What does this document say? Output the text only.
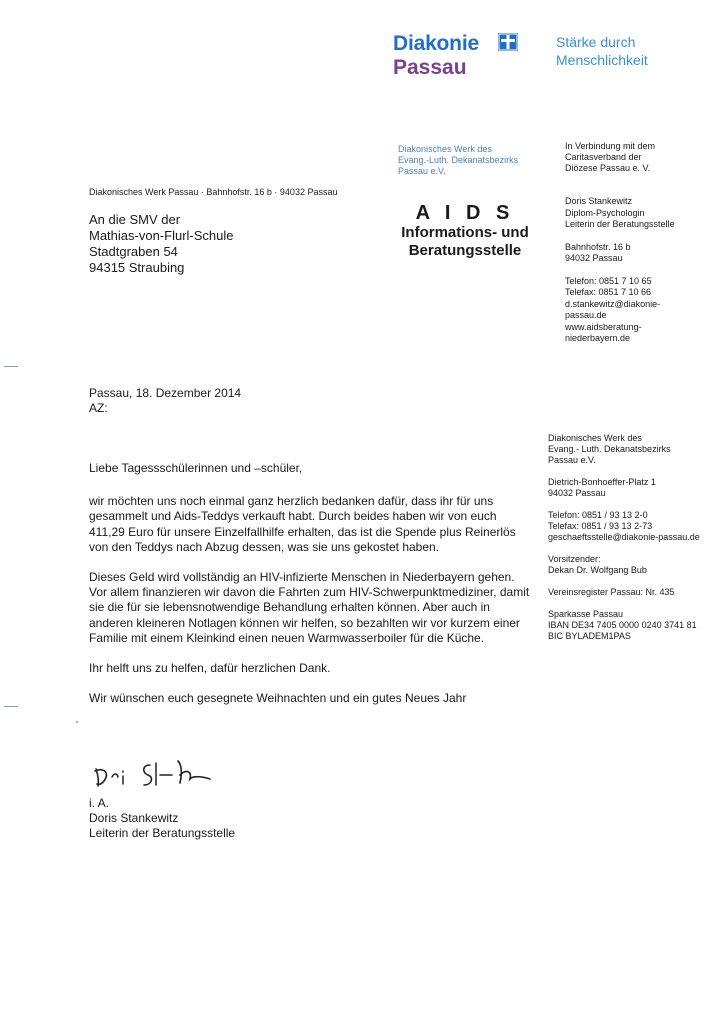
Diakonie
Passau
Stärke durch
Menschlichkeit
Diakonisches Werk des
Evang.-Luth. Dekanatsbezirks
Passau e.V.
In Verbindung mit dem
Caritasverband der
Diözese Passau e. V.
Diakonisches Werk Passau · Bahnhofstr. 16 b · 94032 Passau
An die SMV der
Mathias-von-Flurl-Schule
Stadtgraben 54
94315 Straubing
A I D S
Informations- und
Beratungsstelle
Doris Stankewitz
Diplom-Psychologin
Leiterin der Beratungsstelle
Bahnhofstr. 16 b
94032 Passau
Telefon: 0851 7 10 65
Telefax: 0851 7 10 66
d.stankewitz@diakonie-
passau.de
www.aidsberatung-
niederbayern.de
Passau, 18. Dezember 2014
AZ:
Diakonisches Werk des
Evang.- Luth. Dekanatsbezirks
Passau e.V.
Dietrich-Bonhoeffer-Platz 1
94032 Passau
Telefon: 0851 / 93 13 2-0
Telefax: 0851 / 93 13 2-73
geschaeftsstelle@diakonie-passau.de
Vorsitzender:
Dekan Dr. Wolfgang Bub
Vereinsregister Passau: Nr. 435
Sparkasse Passau
IBAN DE34 7405 0000 0240 3741 81
BIC BYLADEM1PAS

Liebe Tagessschülerinnen und –schüler,

wir möchten uns noch einmal ganz herzlich bedanken dafür, dass ihr für uns gesammelt und Aids-Teddys verkauft habt. Durch beides haben wir von euch 411,29 Euro für unsere Einzelfallhilfe erhalten, das ist die Spende plus Reinerlös von den Teddys nach Abzug dessen, was sie uns gekostet haben.

Dieses Geld wird vollständig an HIV-infizierte Menschen in Niederbayern gehen. Vor allem finanzieren wir davon die Fahrten zum HIV-Schwerpunktmediziner, damit sie die für sie lebensnotwendige Behandlung erhalten können. Aber auch in anderen kleineren Notlagen können wir helfen, so bezahlten wir vor kurzem einer Familie mit einem Kleinkind einen neuen Warmwasserboiler für die Küche.

Ihr helft uns zu helfen, dafür herzlichen Dank.

Wir wünschen euch gesegnete Weihnachten und ein gutes Neues Jahr

i. A.
Doris Stankewitz
Leiterin der Beratungsstelle
